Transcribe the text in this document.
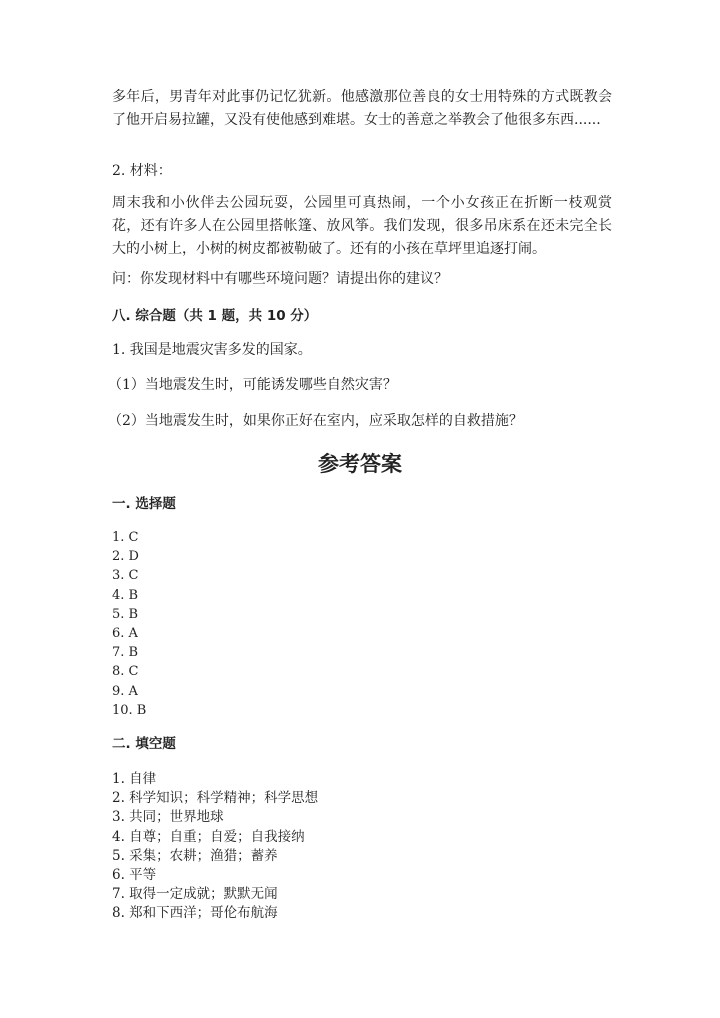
多年后，男青年对此事仍记忆犹新。他感激那位善良的女士用特殊的方式既教会了他开启易拉罐，又没有使他感到难堪。女士的善意之举教会了他很多东西......

2. 材料：

周末我和小伙伴去公园玩耍，公园里可真热闹，一个小女孩正在折断一枝观赏花，还有许多人在公园里搭帐篷、放风筝。我们发现，很多吊床系在还未完全长大的小树上，小树的树皮都被勒破了。还有的小孩在草坪里追逐打闹。

问：你发现材料中有哪些环境问题？请提出你的建议？

八. 综合题（共 1 题，共 10 分）

1. 我国是地震灾害多发的国家。

（1）当地震发生时，可能诱发哪些自然灾害？

（2）当地震发生时，如果你正好在室内，应采取怎样的自救措施？

参考答案

一. 选择题

1. C
2. D
3. C
4. B
5. B
6. A
7. B
8. C
9. A
10. B

二. 填空题

1. 自律
2. 科学知识；科学精神；科学思想
3. 共同；世界地球
4. 自尊；自重；自爱；自我接纳
5. 采集；农耕；渔猎；蓄养
6. 平等
7. 取得一定成就；默默无闻
8. 郑和下西洋；哥伦布航海
